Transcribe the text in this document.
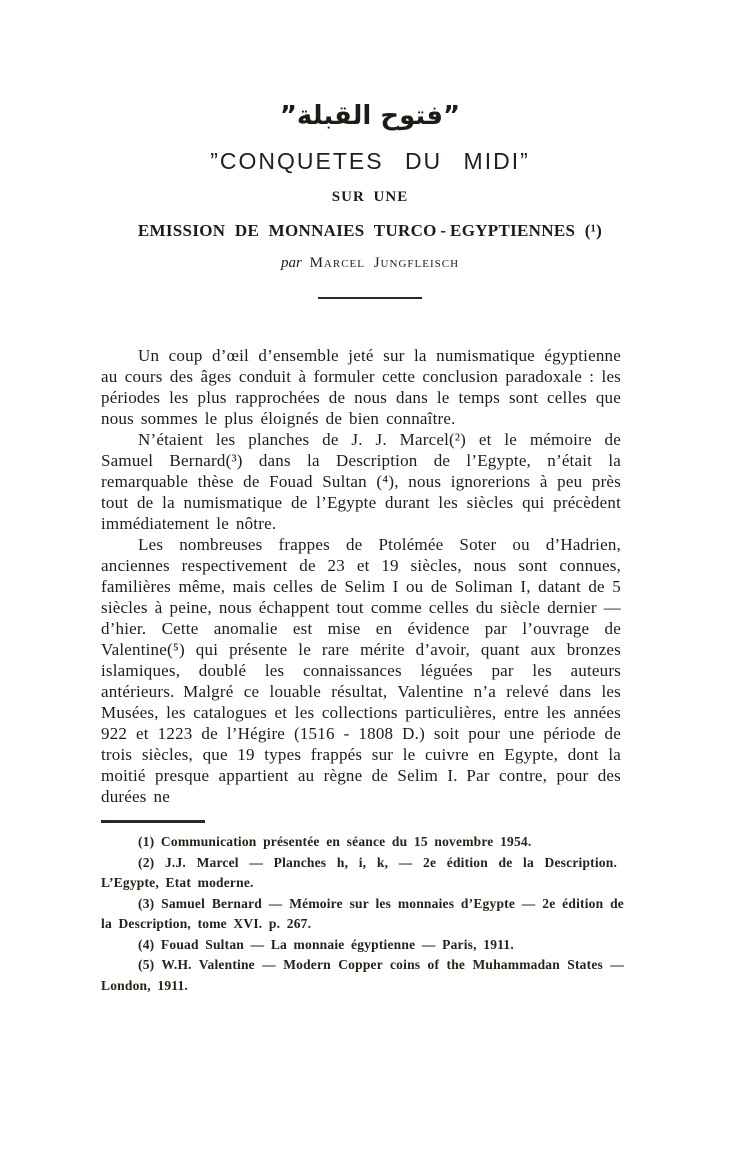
”فتوح القبلة”
”CONQUETES DU MIDI”
SUR UNE
EMISSION DE MONNAIES TURCO - EGYPTIENNES (¹)
par Marcel Jungfleisch

Un coup d’œil d’ensemble jeté sur la numismatique égyptienne au cours des âges conduit à formuler cette conclusion paradoxale : les périodes les plus rapprochées de nous dans le temps sont celles que nous sommes le plus éloignés de bien connaître.

N’étaient les planches de J. J. Marcel(²) et le mémoire de Samuel Bernard(³) dans la Description de l’Egypte, n’était la remarquable thèse de Fouad Sultan (⁴), nous ignorerions à peu près tout de la numismatique de l’Egypte durant les siècles qui précèdent immédiatement le nôtre.

Les nombreuses frappes de Ptolémée Soter ou d’Hadrien, anciennes respectivement de 23 et 19 siècles, nous sont connues, familières même, mais celles de Selim I ou de Soliman I, datant de 5 siècles à peine, nous échappent tout comme celles du siècle dernier — d’hier. Cette anomalie est mise en évidence par l’ouvrage de Valentine(⁵) qui présente le rare mérite d’avoir, quant aux bronzes islamiques, doublé les connaissances léguées par les auteurs antérieurs. Malgré ce louable résultat, Valentine n’a relevé dans les Musées, les catalogues et les collections particulières, entre les années 922 et 1223 de l’Hégire (1516 - 1808 D.) soit pour une période de trois siècles, que 19 types frappés sur le cuivre en Egypte, dont la moitié presque appartient au règne de Selim I. Par contre, pour des durées ne

(1) Communication présentée en séance du 15 novembre 1954.

(2) J.J. Marcel — Planches h, i, k, — 2e édition de la Description. L’Egypte, Etat moderne.

(3) Samuel Bernard — Mémoire sur les monnaies d’Egypte — 2e édition de la Description, tome XVI. p. 267.

(4) Fouad Sultan — La monnaie égyptienne — Paris, 1911.

(5) W.H. Valentine — Modern Copper coins of the Muhammadan States — London, 1911.
